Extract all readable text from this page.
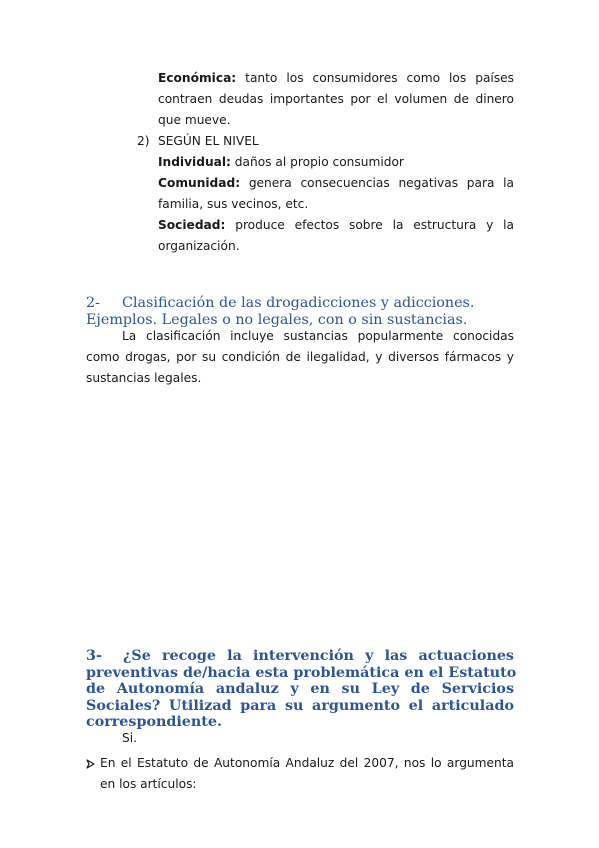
Económica: tanto los consumidores como los países
contraen deudas importantes por el volumen de dinero
que mueve.
2) SEGÚN EL NIVEL
Individual: daños al propio consumidor
Comunidad: genera consecuencias negativas para la
familia, sus vecinos, etc.
Sociedad: produce efectos sobre la estructura y la
organización.
2- Clasificación de las drogadicciones y adicciones.
Ejemplos. Legales o no legales, con o sin sustancias.
La clasificación incluye sustancias popularmente conocidas
como drogas, por su condición de ilegalidad, y diversos fármacos y
sustancias legales.
3-	¿Se recoge la intervención y las actuaciones
preventivas de/hacia esta problemática en el Estatuto
de Autonomía andaluz y en su Ley de Servicios
Sociales? Utilizad para su argumento el articulado
correspondiente.
Si.
En el Estatuto de Autonomía Andaluz del 2007, nos lo argumenta
en los artículos:
